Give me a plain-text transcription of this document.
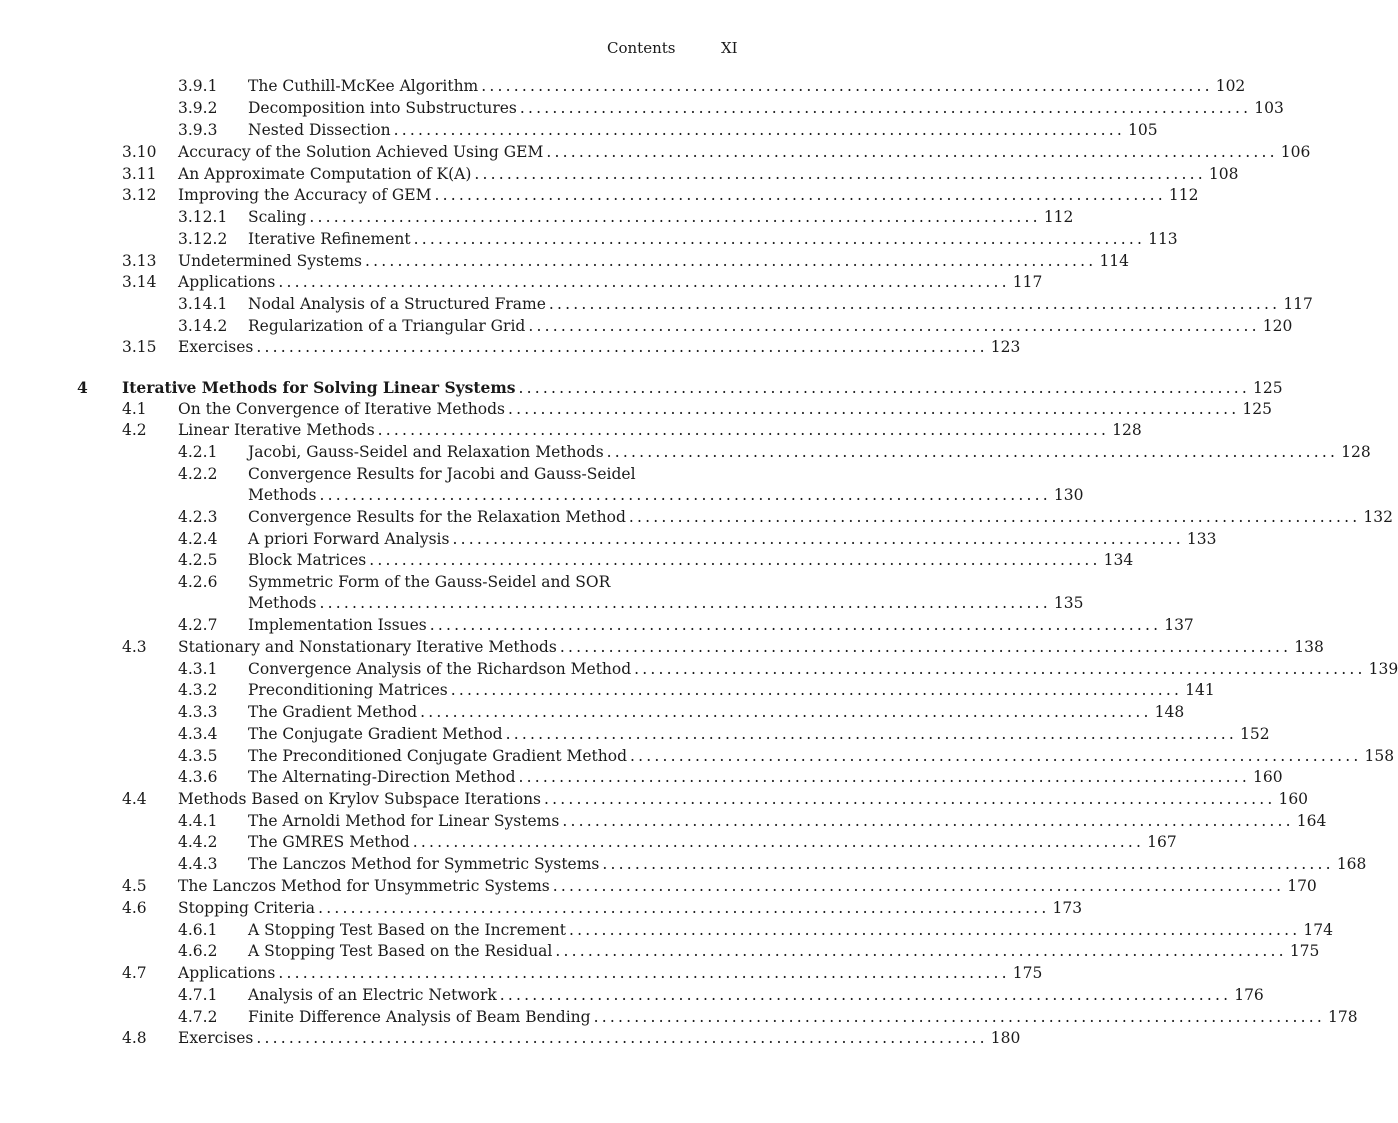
Contents	XI
3.9.1 The Cuthill-McKee Algorithm .......................................................................................... 102
3.9.2 Decomposition into Substructures .......................................................................................... 103
3.9.3 Nested Dissection .......................................................................................... 105
3.10 Accuracy of the Solution Achieved Using GEM .......................................................................................... 106
3.11 An Approximate Computation of K(A) .......................................................................................... 108
3.12 Improving the Accuracy of GEM .......................................................................................... 112
3.12.1 Scaling .......................................................................................... 112
3.12.2 Iterative Refinement .......................................................................................... 113
3.13 Undetermined Systems .......................................................................................... 114
3.14 Applications .......................................................................................... 117
3.14.1 Nodal Analysis of a Structured Frame .......................................................................................... 117
3.14.2 Regularization of a Triangular Grid .......................................................................................... 120
3.15 Exercises .......................................................................................... 123
4 Iterative Methods for Solving Linear Systems .......................................................................................... 125
4.1 On the Convergence of Iterative Methods .......................................................................................... 125
4.2 Linear Iterative Methods .......................................................................................... 128
4.2.1 Jacobi, Gauss-Seidel and Relaxation Methods .......................................................................................... 128
4.2.2 Convergence Results for Jacobi and Gauss-Seidel
Methods .......................................................................................... 130
4.2.3 Convergence Results for the Relaxation Method .......................................................................................... 132
4.2.4 A priori Forward Analysis .......................................................................................... 133
4.2.5 Block Matrices .......................................................................................... 134
4.2.6 Symmetric Form of the Gauss-Seidel and SOR
Methods .......................................................................................... 135
4.2.7 Implementation Issues .......................................................................................... 137
4.3 Stationary and Nonstationary Iterative Methods .......................................................................................... 138
4.3.1 Convergence Analysis of the Richardson Method .......................................................................................... 139
4.3.2 Preconditioning Matrices .......................................................................................... 141
4.3.3 The Gradient Method .......................................................................................... 148
4.3.4 The Conjugate Gradient Method .......................................................................................... 152
4.3.5 The Preconditioned Conjugate Gradient Method .......................................................................................... 158
4.3.6 The Alternating-Direction Method .......................................................................................... 160
4.4 Methods Based on Krylov Subspace Iterations .......................................................................................... 160
4.4.1 The Arnoldi Method for Linear Systems .......................................................................................... 164
4.4.2 The GMRES Method .......................................................................................... 167
4.4.3 The Lanczos Method for Symmetric Systems .......................................................................................... 168
4.5 The Lanczos Method for Unsymmetric Systems .......................................................................................... 170
4.6 Stopping Criteria .......................................................................................... 173
4.6.1 A Stopping Test Based on the Increment .......................................................................................... 174
4.6.2 A Stopping Test Based on the Residual .......................................................................................... 175
4.7 Applications .......................................................................................... 175
4.7.1 Analysis of an Electric Network .......................................................................................... 176
4.7.2 Finite Difference Analysis of Beam Bending .......................................................................................... 178
4.8 Exercises .......................................................................................... 180
